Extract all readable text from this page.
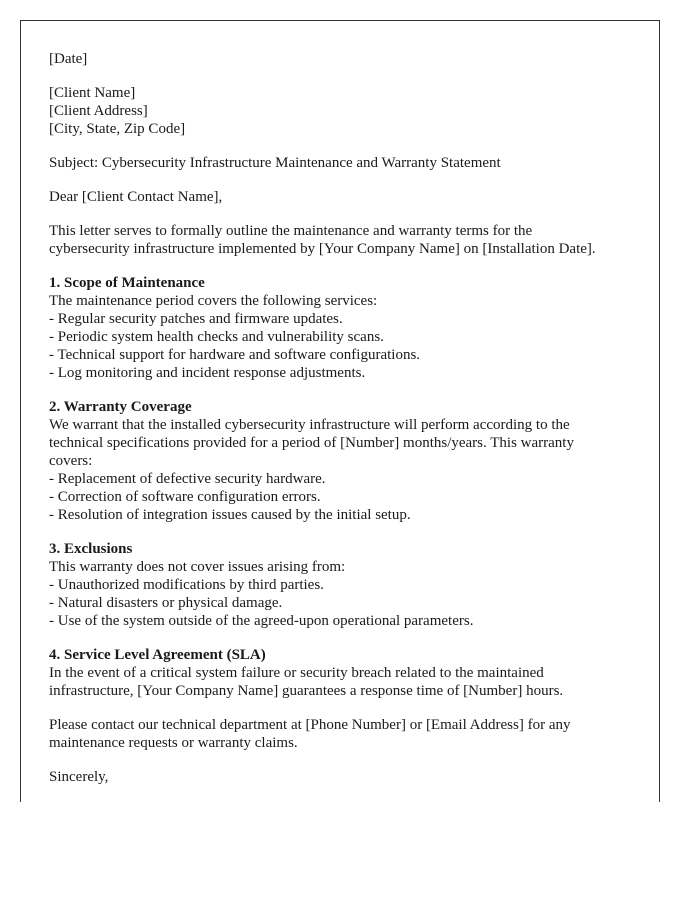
[Date]
[Client Name]
[Client Address]
[City, State, Zip Code]
Subject: Cybersecurity Infrastructure Maintenance and Warranty Statement
Dear [Client Contact Name],
This letter serves to formally outline the maintenance and warranty terms for the
cybersecurity infrastructure implemented by [Your Company Name] on [Installation Date].
1. Scope of Maintenance
The maintenance period covers the following services:
- Regular security patches and firmware updates.
- Periodic system health checks and vulnerability scans.
- Technical support for hardware and software configurations.
- Log monitoring and incident response adjustments.
2. Warranty Coverage
We warrant that the installed cybersecurity infrastructure will perform according to the
technical specifications provided for a period of [Number] months/years. This warranty
covers:
- Replacement of defective security hardware.
- Correction of software configuration errors.
- Resolution of integration issues caused by the initial setup.
3. Exclusions
This warranty does not cover issues arising from:
- Unauthorized modifications by third parties.
- Natural disasters or physical damage.
- Use of the system outside of the agreed-upon operational parameters.
4. Service Level Agreement (SLA)
In the event of a critical system failure or security breach related to the maintained
infrastructure, [Your Company Name] guarantees a response time of [Number] hours.
Please contact our technical department at [Phone Number] or [Email Address] for any
maintenance requests or warranty claims.
Sincerely,
